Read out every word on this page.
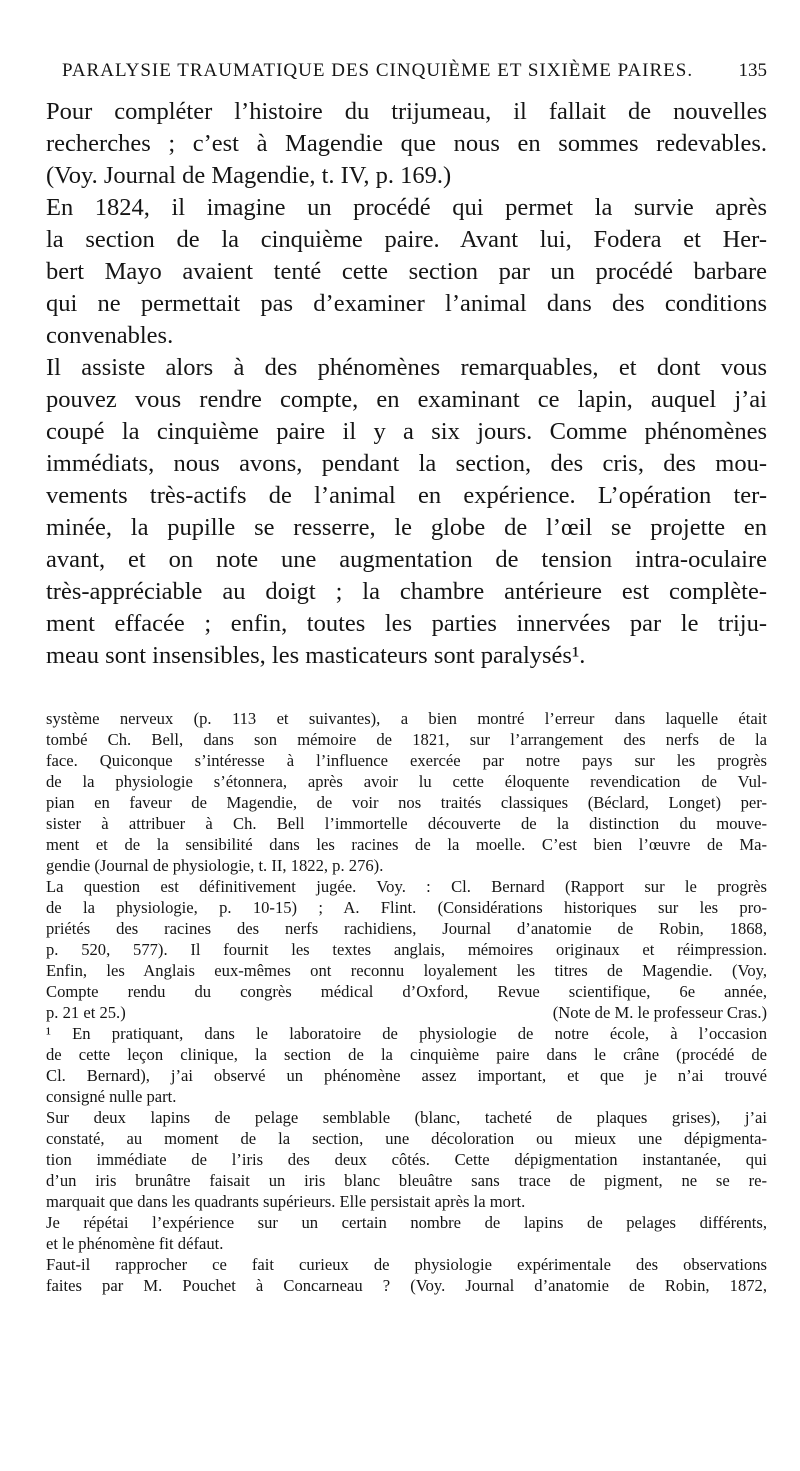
PARALYSIE TRAUMATIQUE DES CINQUIÈME ET SIXIÈME PAIRES. 135
Pour compléter l’histoire du trijumeau, il fallait de nouvelles
recherches ; c’est à Magendie que nous en sommes redevables.
(Voy. Journal de Magendie, t. IV, p. 169.)
En 1824, il imagine un procédé qui permet la survie après
la section de la cinquième paire. Avant lui, Fodera et Her-
bert Mayo avaient tenté cette section par un procédé barbare
qui ne permettait pas d’examiner l’animal dans des conditions
convenables.
Il assiste alors à des phénomènes remarquables, et dont vous
pouvez vous rendre compte, en examinant ce lapin, auquel j’ai
coupé la cinquième paire il y a six jours. Comme phénomènes
immédiats, nous avons, pendant la section, des cris, des mou-
vements très-actifs de l’animal en expérience. L’opération ter-
minée, la pupille se resserre, le globe de l’œil se projette en
avant, et on note une augmentation de tension intra-oculaire
très-appréciable au doigt ; la chambre antérieure est complète-
ment effacée ; enfin, toutes les parties innervées par le triju-
meau sont insensibles, les masticateurs sont paralysés¹.
système nerveux (p. 113 et suivantes), a bien montré l’erreur dans laquelle était
tombé Ch. Bell, dans son mémoire de 1821, sur l’arrangement des nerfs de la
face. Quiconque s’intéresse à l’influence exercée par notre pays sur les progrès
de la physiologie s’étonnera, après avoir lu cette éloquente revendication de Vul-
pian en faveur de Magendie, de voir nos traités classiques (Béclard, Longet) per-
sister à attribuer à Ch. Bell l’immortelle découverte de la distinction du mouve-
ment et de la sensibilité dans les racines de la moelle. C’est bien l’œuvre de Ma-
gendie (Journal de physiologie, t. II, 1822, p. 276).
La question est définitivement jugée. Voy. : Cl. Bernard (Rapport sur le progrès
de la physiologie, p. 10-15) ; A. Flint. (Considérations historiques sur les pro-
priétés des racines des nerfs rachidiens, Journal d’anatomie de Robin, 1868,
p. 520, 577). Il fournit les textes anglais, mémoires originaux et réimpression.
Enfin, les Anglais eux-mêmes ont reconnu loyalement les titres de Magendie. (Voy,
Compte rendu du congrès médical d’Oxford, Revue scientifique, 6e année,
p. 21 et 25.)	(Note de M. le professeur Cras.)
¹ En pratiquant, dans le laboratoire de physiologie de notre école, à l’occasion
de cette leçon clinique, la section de la cinquième paire dans le crâne (procédé de
Cl. Bernard), j’ai observé un phénomène assez important, et que je n’ai trouvé
consigné nulle part.
Sur deux lapins de pelage semblable (blanc, tacheté de plaques grises), j’ai
constaté, au moment de la section, une décoloration ou mieux une dépigmenta-
tion immédiate de l’iris des deux côtés. Cette dépigmentation instantanée, qui
d’un iris brunâtre faisait un iris blanc bleuâtre sans trace de pigment, ne se re-
marquait que dans les quadrants supérieurs. Elle persistait après la mort.
Je répétai l’expérience sur un certain nombre de lapins de pelages différents,
et le phénomène fit défaut.
Faut-il rapprocher ce fait curieux de physiologie expérimentale des observations
faites par M. Pouchet à Concarneau ? (Voy. Journal d’anatomie de Robin, 1872,
